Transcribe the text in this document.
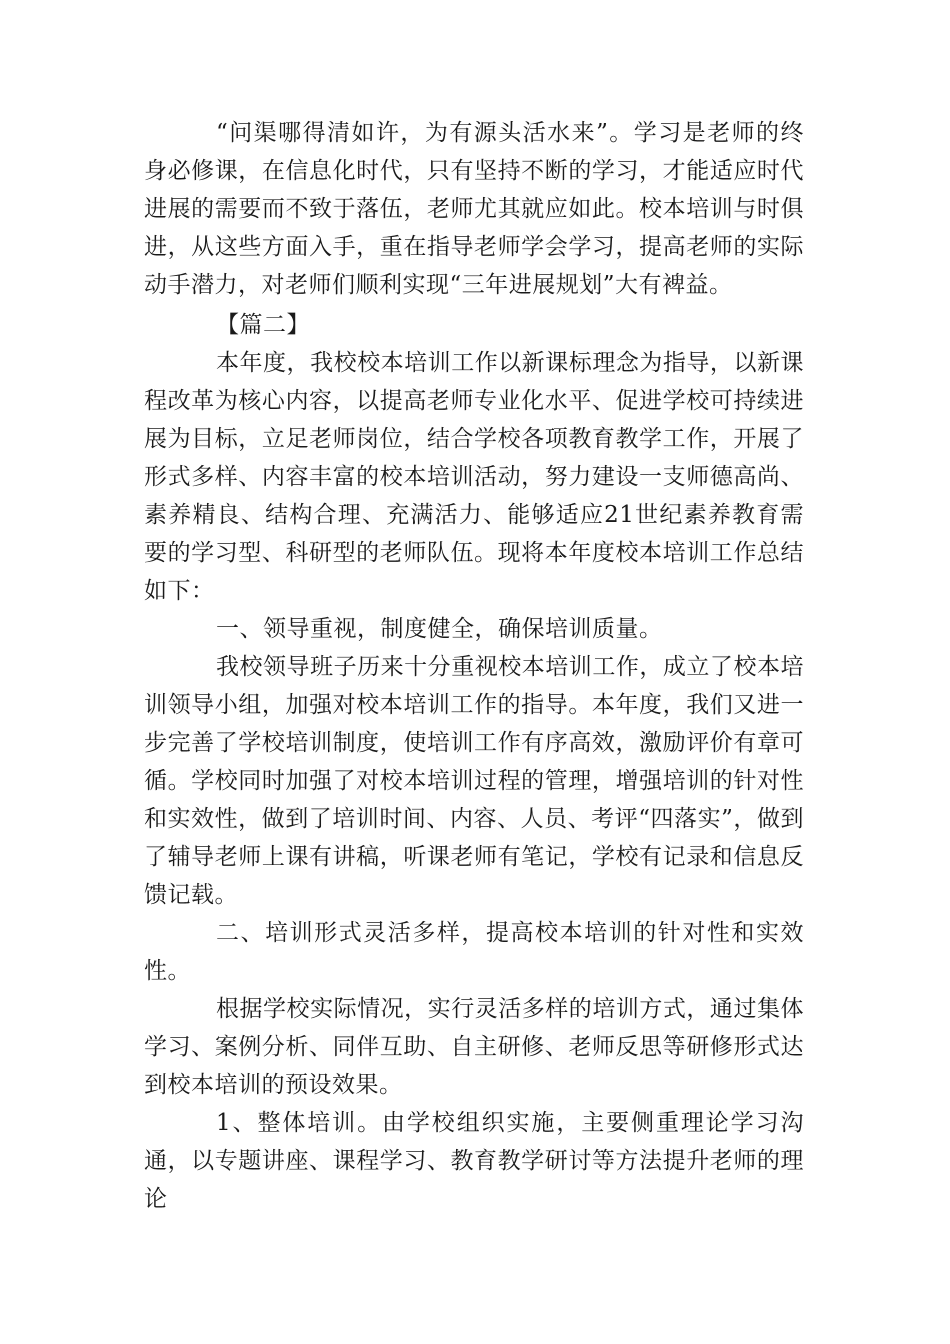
“问渠哪得清如许，为有源头活水来”。学习是老师的终身必修课，在信息化时代，只有坚持不断的学习，才能适应时代进展的需要而不致于落伍，老师尤其就应如此。校本培训与时俱进，从这些方面入手，重在指导老师学会学习，提高老师的实际动手潜力，对老师们顺利实现“三年进展规划”大有裨益。

【篇二】

本年度，我校校本培训工作以新课标理念为指导，以新课程改革为核心内容，以提高老师专业化水平、促进学校可持续进展为目标，立足老师岗位，结合学校各项教育教学工作，开展了形式多样、内容丰富的校本培训活动，努力建设一支师德高尚、素养精良、结构合理、充满活力、能够适应21世纪素养教育需要的学习型、科研型的老师队伍。现将本年度校本培训工作总结如下：

一、领导重视，制度健全，确保培训质量。

我校领导班子历来十分重视校本培训工作，成立了校本培训领导小组，加强对校本培训工作的指导。本年度，我们又进一步完善了学校培训制度，使培训工作有序高效，激励评价有章可循。学校同时加强了对校本培训过程的管理，增强培训的针对性和实效性，做到了培训时间、内容、人员、考评“四落实”，做到了辅导老师上课有讲稿，听课老师有笔记，学校有记录和信息反馈记载。

二、培训形式灵活多样，提高校本培训的针对性和实效性。

根据学校实际情况，实行灵活多样的培训方式，通过集体学习、案例分析、同伴互助、自主研修、老师反思等研修形式达到校本培训的预设效果。

1、整体培训。由学校组织实施，主要侧重理论学习沟通，以专题讲座、课程学习、教育教学研讨等方法提升老师的理论
